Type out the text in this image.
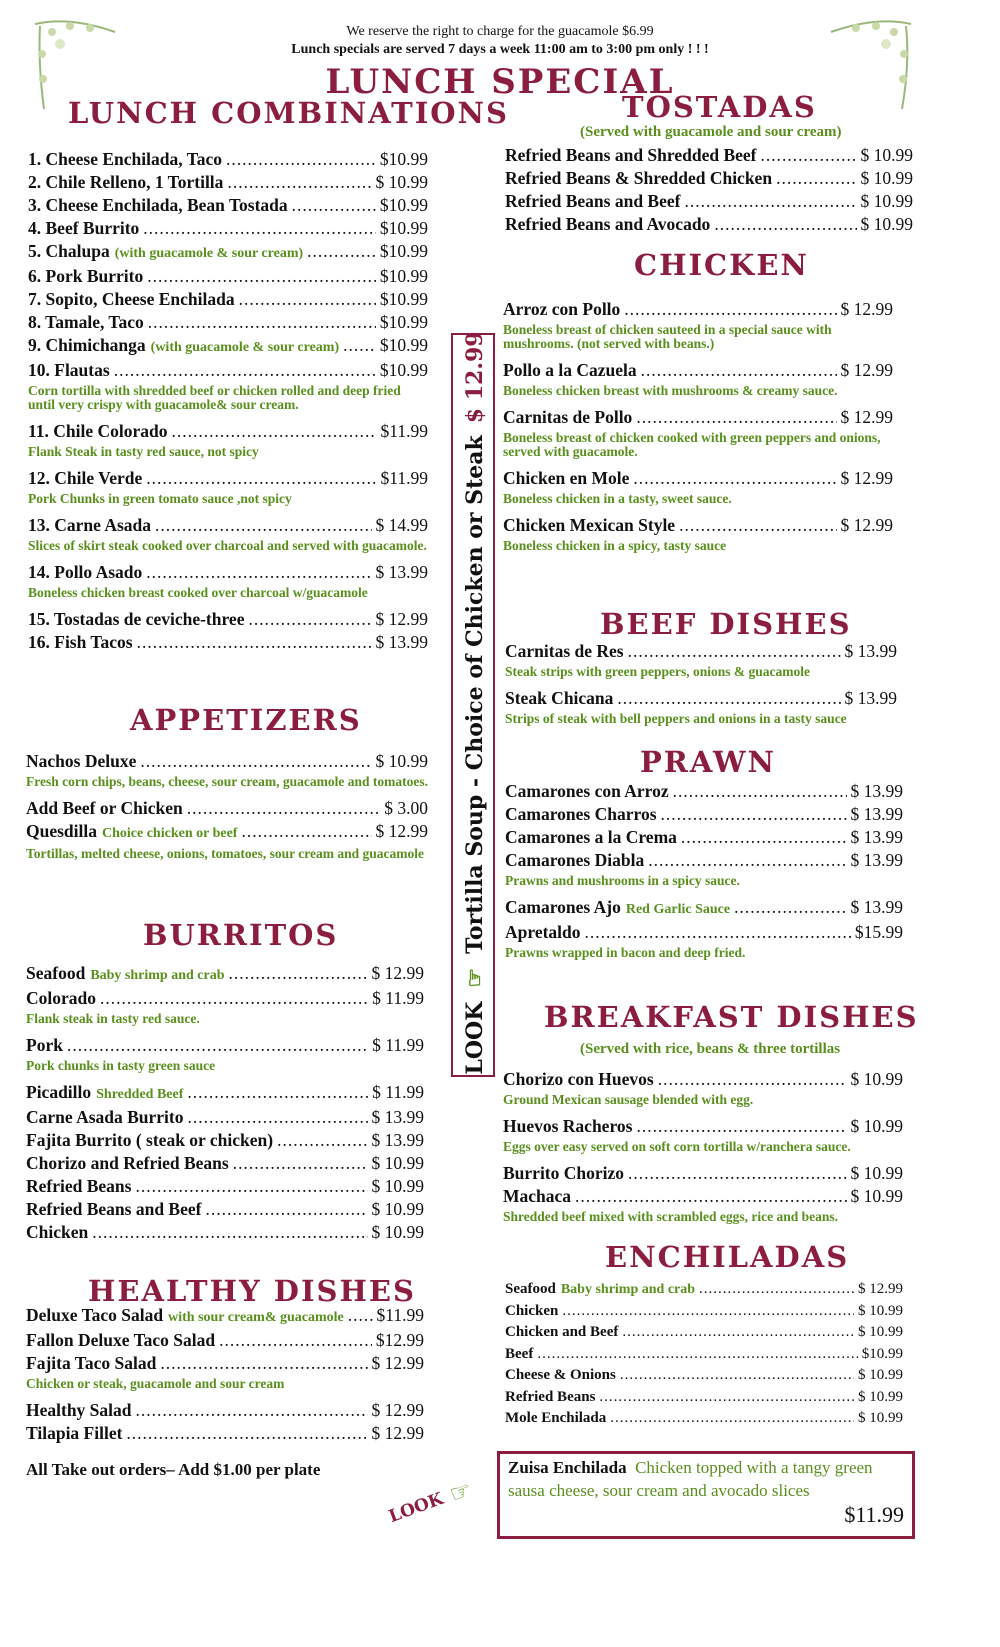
We reserve the right to charge for the guacamole $6.99
Lunch specials are served 7 days a week 11:00 am to 3:00 pm only ! ! !
LUNCH SPECIAL
LUNCH COMBINATIONS
1. Cheese Enchilada, Taco .....	$10.99
2. Chile Relleno, 1 Tortilla .....	$ 10.99
3. Cheese Enchilada, Bean Tostada .....	$10.99
4. Beef Burrito .....	$10.99
5. Chalupa (with guacamole & sour cream) .....	$10.99
6. Pork Burrito .....	$10.99
7. Sopito, Cheese Enchilada .....	$10.99
8. Tamale, Taco .....	$10.99
9. Chimichanga (with guacamole & sour cream) ..... $10.99
10. Flautas .....	$10.99
Corn tortilla with shredded beef or chicken rolled and deep fried until very crispy with guacamole& sour cream.
11. Chile Colorado .....	$11.99
Flank Steak in tasty red sauce, not spicy
12. Chile Verde .....	$11.99
Pork Chunks in green tomato sauce ,not spicy
13. Carne Asada .....	$ 14.99
Slices of skirt steak cooked over charcoal and served with guacamole.
14. Pollo Asado .....	$ 13.99
Boneless chicken breast cooked over charcoal w/guacamole
15. Tostadas de ceviche-three .....	$ 12.99
16. Fish Tacos .....	$ 13.99
APPETIZERS
Nachos Deluxe .....	$ 10.99
Fresh corn chips, beans, cheese, sour cream, guacamole and tomatoes.
Add Beef or Chicken .....	$ 3.00
Quesdilla Choice chicken or beef .....	$ 12.99
Tortillas, melted cheese, onions, tomatoes, sour cream and guacamole
BURRITOS
Seafood Baby shrimp and crab .....	$ 12.99
Colorado .....	$ 11.99
Flank steak in tasty red sauce.
Pork .....	$ 11.99
Pork chunks in tasty green sauce
Picadillo Shredded Beef .....	$ 11.99
Carne Asada Burrito .....	$ 13.99
Fajita Burrito ( steak or chicken) .....	$ 13.99
Chorizo and Refried Beans .....	$ 10.99
Refried Beans .....	$ 10.99
Refried Beans and Beef .....	$ 10.99
Chicken .....	$ 10.99
HEALTHY DISHES
Deluxe Taco Salad with sour cream& guacamole ..... $11.99
Fallon Deluxe Taco Salad .....	$12.99
Fajita Taco Salad .....	$ 12.99
Chicken or steak, guacamole and sour cream
Healthy Salad .....	$ 12.99
Tilapia Fillet .....	$ 12.99
All Take out orders– Add $1.00 per plate
LOOK
☞
Tortilla Soup - Choice of Chicken or Steak
$ 12.99
TOSTADAS
(Served with guacamole and sour cream)
Refried Beans and Shredded Beef .....	$ 10.99
Refried Beans & Shredded Chicken .....	$ 10.99
Refried Beans and Beef .....	$ 10.99
Refried Beans and Avocado .....	$ 10.99
CHICKEN
Arroz con Pollo .....	$ 12.99
Boneless breast of chicken sauteed in a special sauce with mushrooms. (not served with beans.)
Pollo a la Cazuela .....	$ 12.99
Boneless chicken breast with mushrooms & creamy sauce.
Carnitas de Pollo .....	$ 12.99
Boneless breast of chicken cooked with green peppers and onions, served with guacamole.
Chicken en Mole .....	$ 12.99
Boneless chicken in a tasty, sweet sauce.
Chicken Mexican Style .....	$ 12.99
Boneless chicken in a spicy, tasty sauce
BEEF DISHES
Carnitas de Res .....	$ 13.99
Steak strips with green peppers, onions & guacamole
Steak Chicana .....	$ 13.99
Strips of steak with bell peppers and onions in a tasty sauce
PRAWN
Camarones con Arroz .....	$ 13.99
Camarones Charros .....	$ 13.99
Camarones a la Crema .....	$ 13.99
Camarones Diabla .....	$ 13.99
Prawns and mushrooms in a spicy sauce.
Camarones Ajo Red Garlic Sauce .....	$ 13.99
Apretaldo .....	$15.99
Prawns wrapped in bacon and deep fried.
BREAKFAST DISHES
(Served with rice, beans & three tortillas
Chorizo con Huevos .....	$ 10.99
Ground Mexican sausage blended with egg.
Huevos Racheros .....	$ 10.99
Eggs over easy served on soft corn tortilla w/ranchera sauce.
Burrito Chorizo .....	$ 10.99
Machaca .....	$ 10.99
Shredded beef mixed with scrambled eggs, rice and beans.
ENCHILADAS
Seafood Baby shrimp and crab .....	$ 12.99
Chicken .....	$ 10.99
Chicken and Beef .....	$ 10.99
Beef .....	$10.99
Cheese & Onions .....	$ 10.99
Refried Beans .....	$ 10.99
Mole Enchilada .....	$ 10.99
Zuisa Enchilada Chicken topped with a tangy green sausa cheese, sour cream and avocado slices
$11.99
LOOK ☞
